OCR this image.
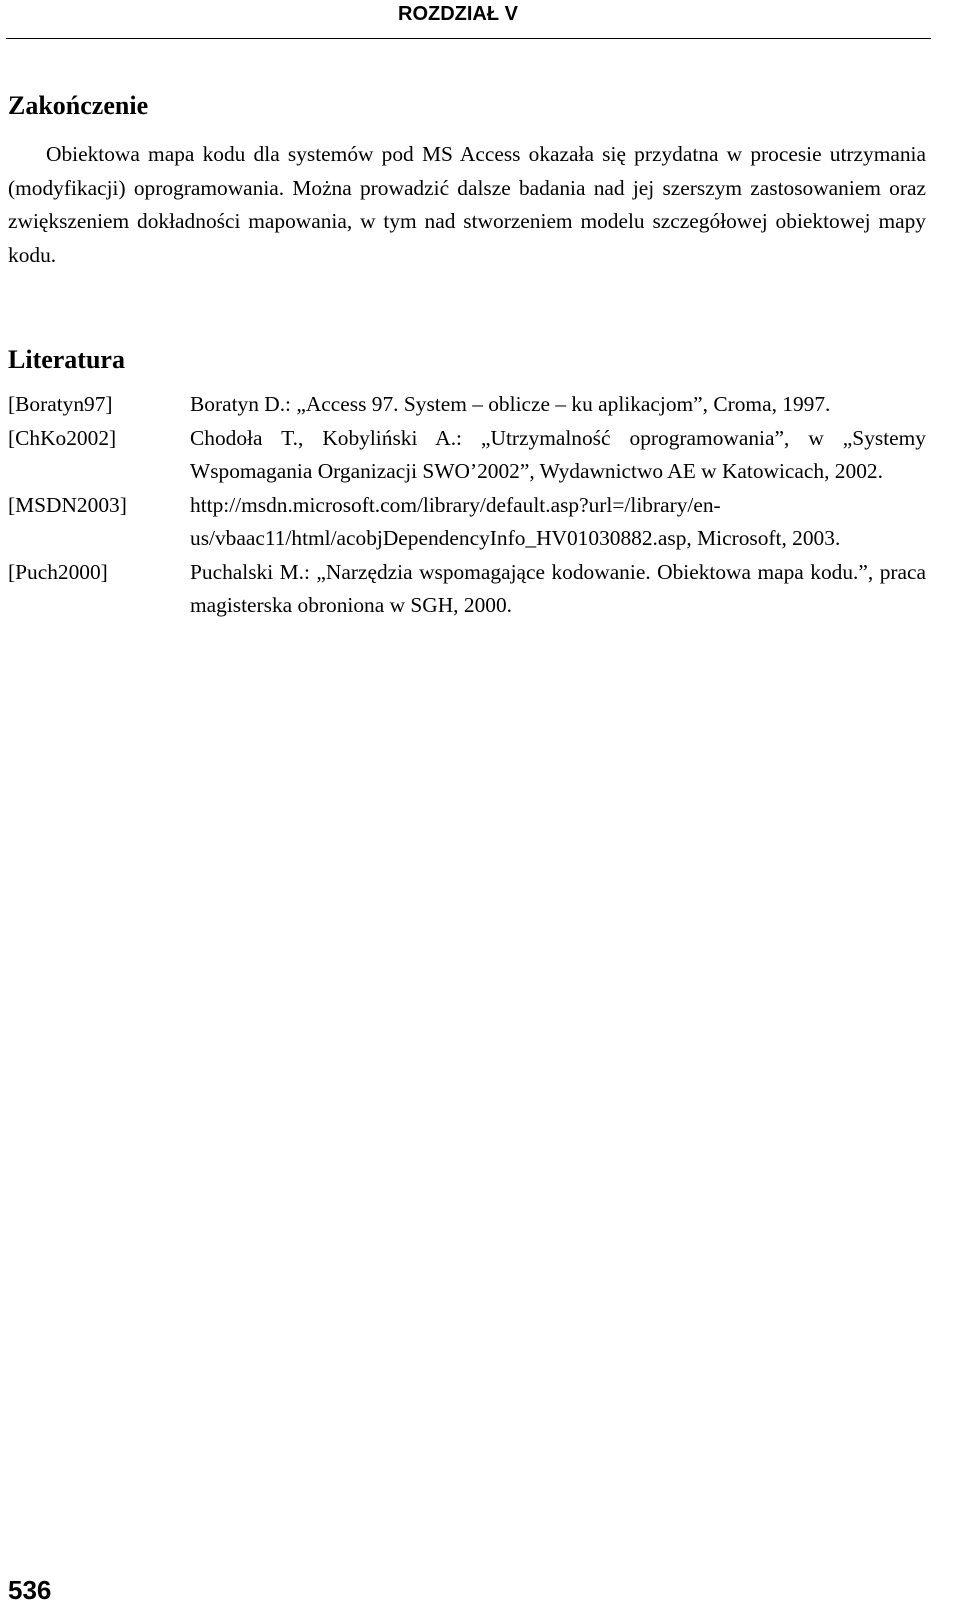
ROZDZIAŁ V
Zakończenie

Obiektowa mapa kodu dla systemów pod MS Access okazała się przydatna w procesie utrzymania (modyfikacji) oprogramowania. Można prowadzić dalsze badania nad jej szerszym zastosowaniem oraz zwiększeniem dokładności mapowania, w tym nad stworzeniem modelu szczegółowej obiektowej mapy kodu.

Literatura
[Boratyn97]	Boratyn D.: „Access 97. System – oblicze – ku aplikacjom”, Croma, 1997.
[ChKo2002]	Chodoła T., Kobyliński A.: „Utrzymalność oprogramowania”, w „Systemy Wspomagania Organizacji SWO’2002”, Wydawnictwo AE w Katowicach, 2002.
[MSDN2003]	http://msdn.microsoft.com/library/default.asp?url=/library/en-us/vbaac11/html/acobjDependencyInfo_HV01030882.asp, Microsoft, 2003.
[Puch2000]	Puchalski M.: „Narzędzia wspomagające kodowanie. Obiektowa mapa kodu.”, praca magisterska obroniona w SGH, 2000.
536
